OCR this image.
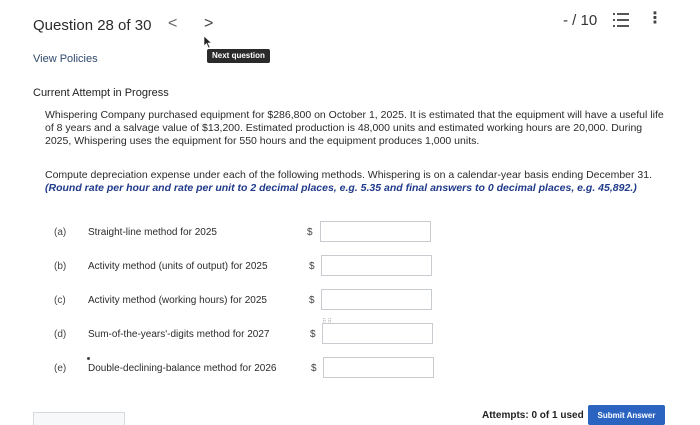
Question 28 of 30 < >	- / 10	⋮
View Policies	Next question
Current Attempt in Progress

Whispering Company purchased equipment for $286,800 on October 1, 2025. It is estimated that the equipment will have a useful life of 8 years and a salvage value of $13,200. Estimated production is 48,000 units and estimated working hours are 20,000. During 2025, Whispering uses the equipment for 550 hours and the equipment produces 1,000 units.

Compute depreciation expense under each of the following methods. Whispering is on a calendar-year basis ending December 31.
(Round rate per hour and rate per unit to 2 decimal places, e.g. 5.35 and final answers to 0 decimal places, e.g. 45,892.)
(a) Straight-line method for 2025	$
(b) Activity method (units of output) for 2025	$
(c) Activity method (working hours) for 2025	$
(d) Sum-of-the-years'-digits method for 2027	$
(e) Double-declining-balance method for 2026	$
⠿⠿
Attempts: 0 of 1 used	Submit Answer
